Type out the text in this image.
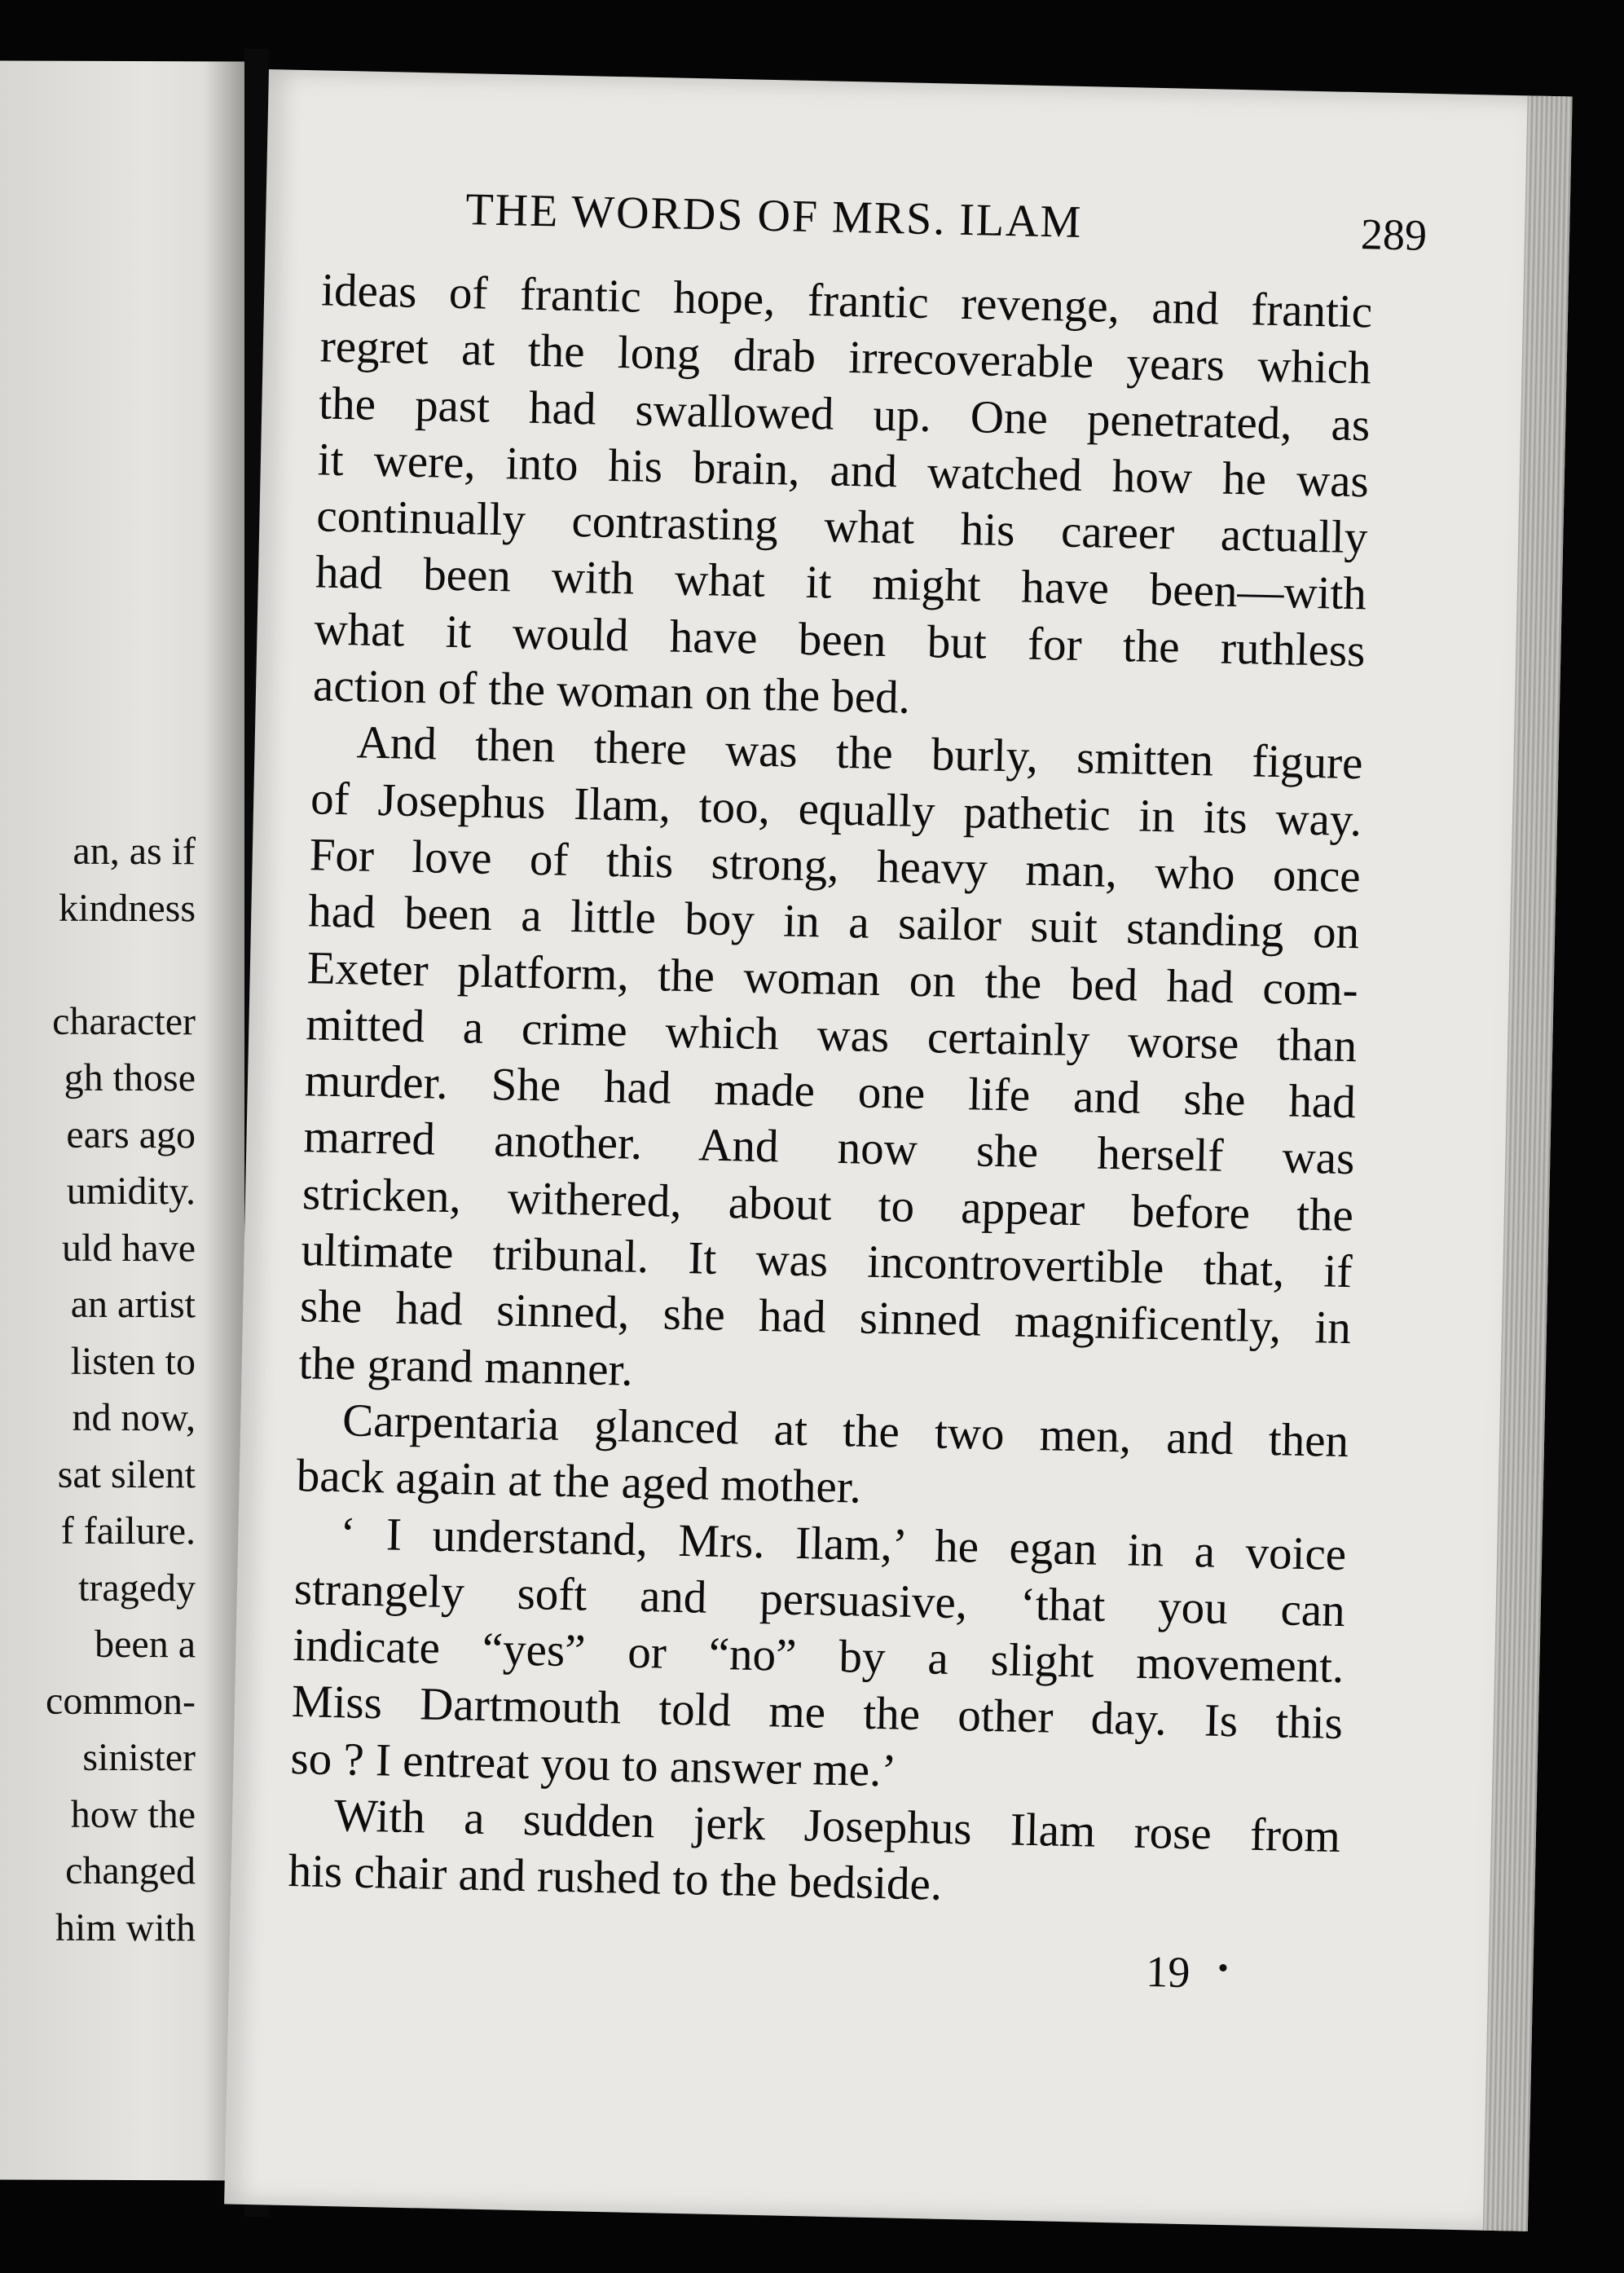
an, as if
kindness
character
gh those
ears ago
umidity.
uld have
an artist
listen to
nd now,
sat silent
f failure.
tragedy
been a
common-
sinister
how the
changed
him with
THE WORDS OF MRS. ILAM	289
ideas of frantic hope, frantic revenge, and frantic
regret at the long drab irrecoverable years which
the past had swallowed up. One penetrated, as
it were, into his brain, and watched how he was
continually contrasting what his career actually
had been with what it might have been—with
what it would have been but for the ruthless
action of the woman on the bed.
And then there was the burly, smitten figure
of Josephus Ilam, too, equally pathetic in its way.
For love of this strong, heavy man, who once
had been a little boy in a sailor suit standing on
Exeter platform, the woman on the bed had com-
mitted a crime which was certainly worse than
murder. She had made one life and she had
marred another. And now she herself was
stricken, withered, about to appear before the
ultimate tribunal. It was incontrovertible that, if
she had sinned, she had sinned magnificently, in
the grand manner.
Carpentaria glanced at the two men, and then
back again at the aged mother.
‘ I understand, Mrs. Ilam,’ he egan in a voice
strangely soft and persuasive, ‘that you can
indicate “yes” or “no” by a slight movement.
Miss Dartmouth told me the other day. Is this
so ? I entreat you to answer me.’
With a sudden jerk Josephus Ilam rose from
his chair and rushed to the bedside.
19
